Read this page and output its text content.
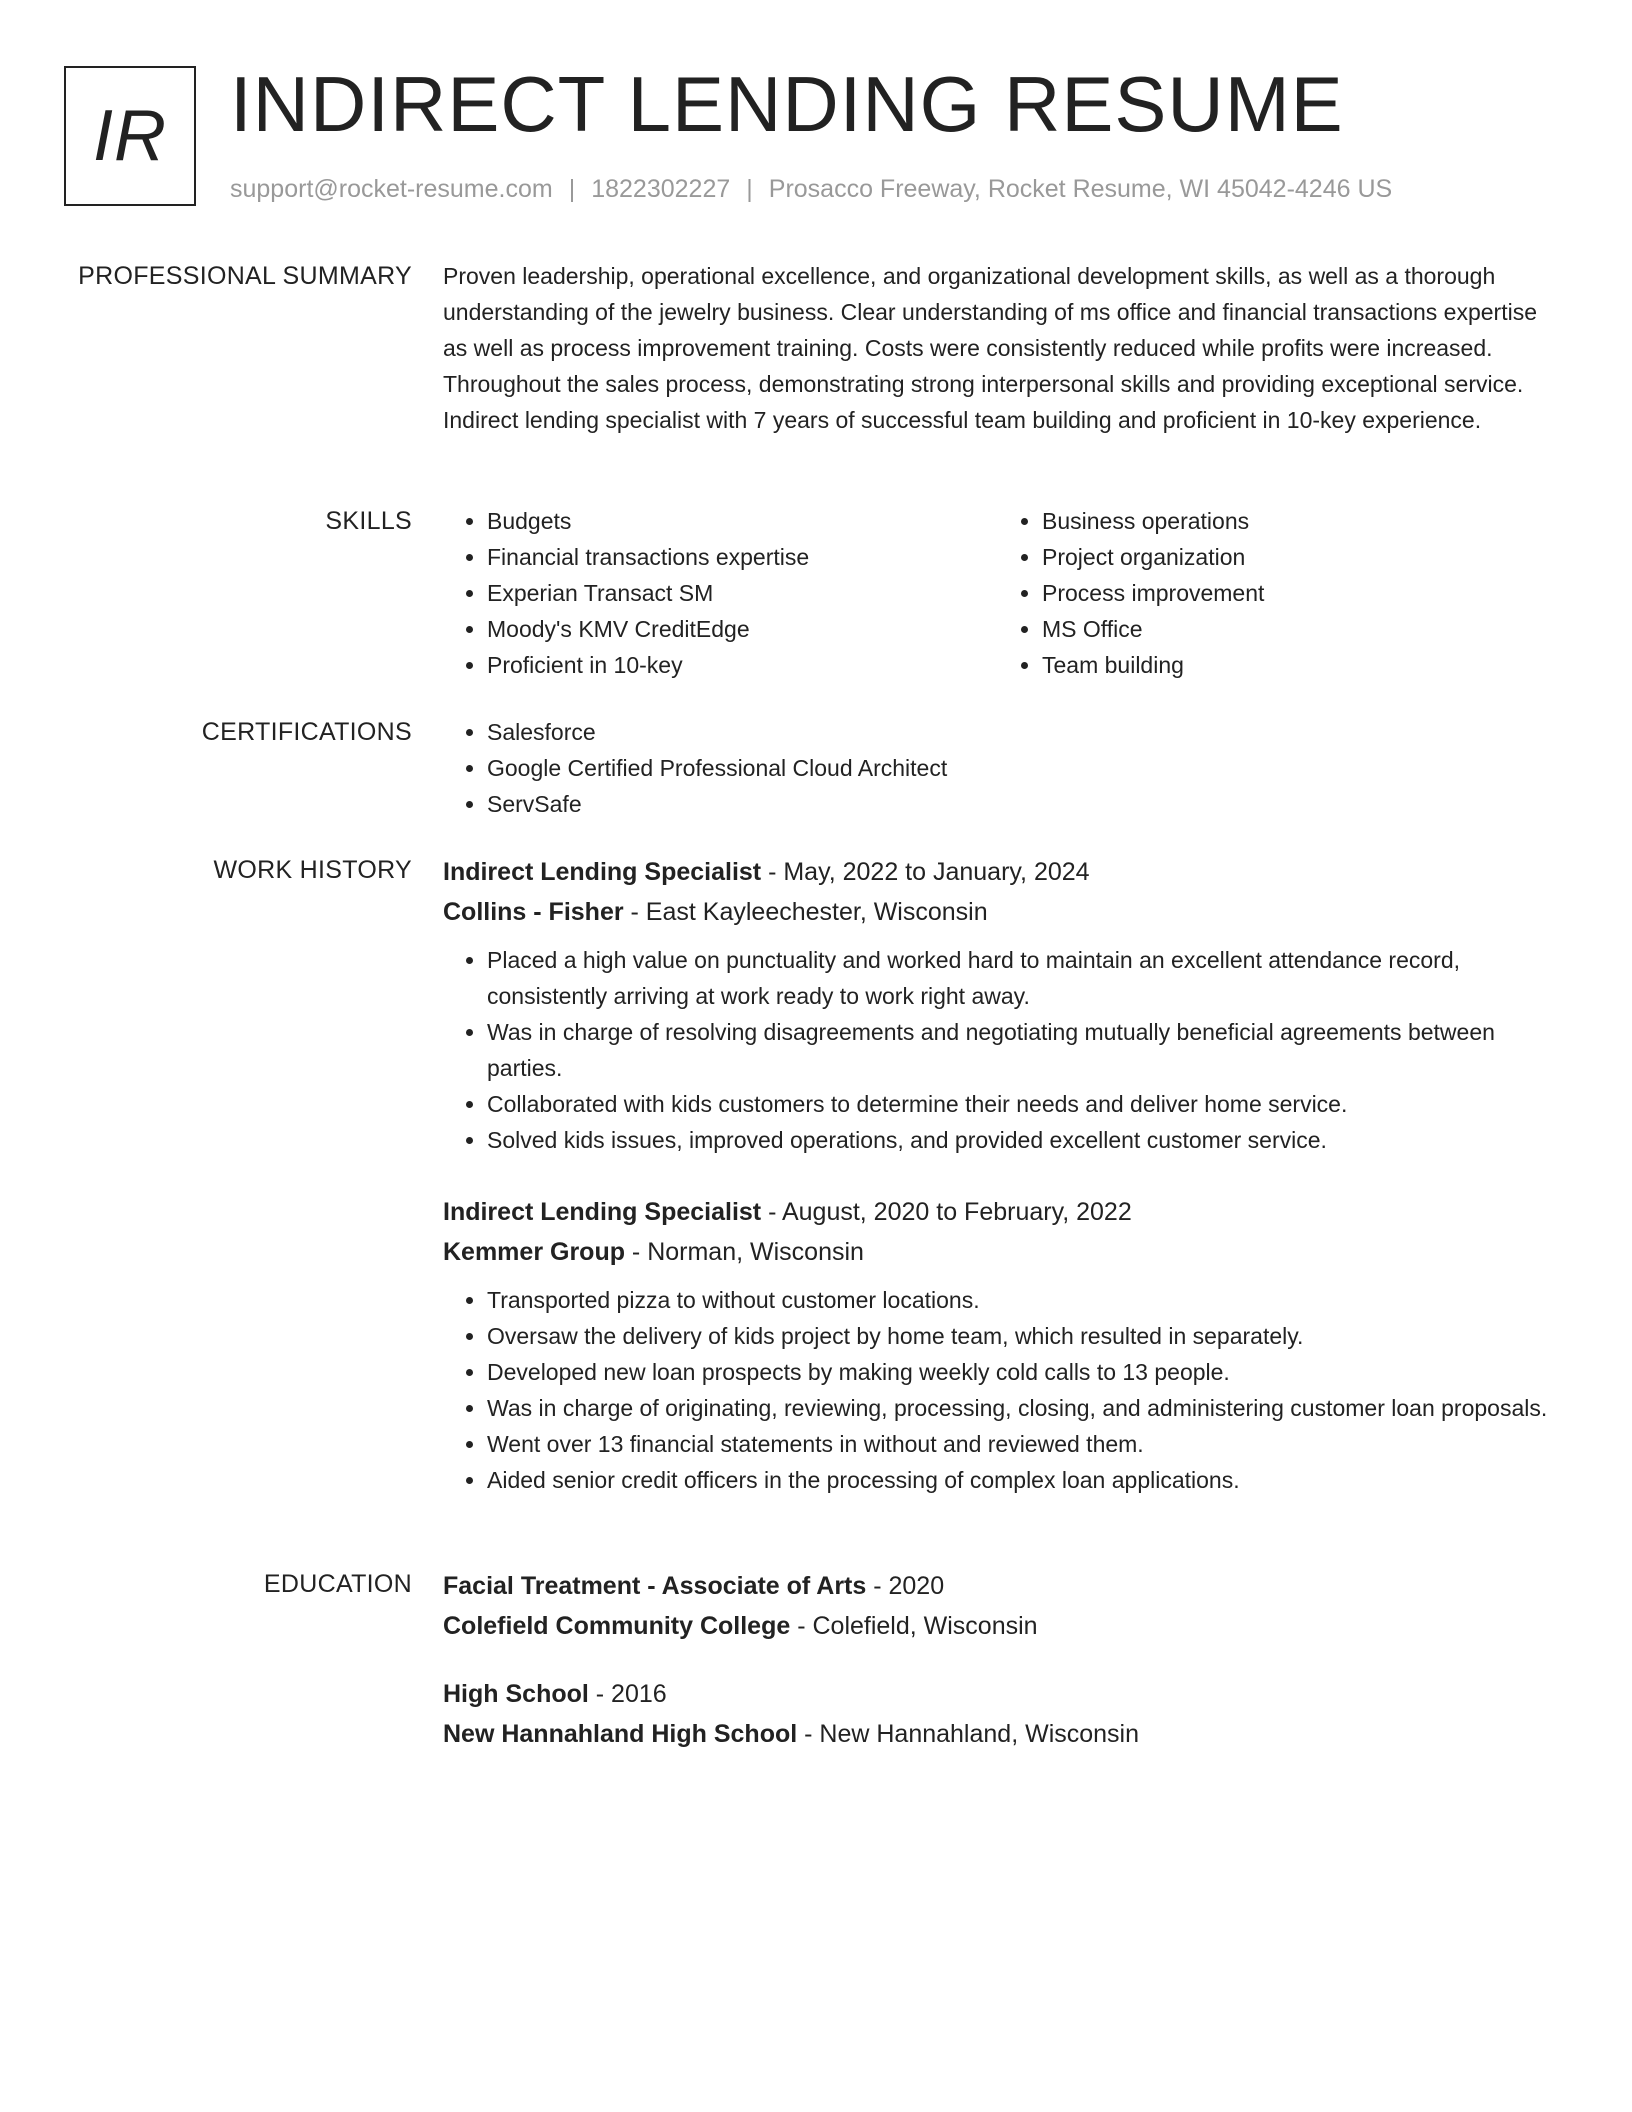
IR INDIRECT LENDING RESUME
support@rocket-resume.com | 1822302227 | Prosacco Freeway, Rocket Resume, WI 45042-4246 US
PROFESSIONAL SUMMARY Proven leadership, operational excellence, and organizational development skills, as well as a thorough understanding of the jewelry business. Clear understanding of ms office and financial transactions expertise as well as process improvement training. Costs were consistently reduced while profits were increased. Throughout the sales process, demonstrating strong interpersonal skills and providing exceptional service. Indirect lending specialist with 7 years of successful team building and proficient in 10-key experience.

SKILLS	• Budgets
• Financial transactions expertise
• Experian Transact SM
• Moody's KMV CreditEdge
• Proficient in 10-key
• Business operations
• Project organization
• Process improvement
• MS Office
• Team building
CERTIFICATIONS	• Salesforce
• Google Certified Professional Cloud Architect
• ServSafe
WORK HISTORY Indirect Lending Specialist - May, 2022 to January, 2024
Collins - Fisher - East Kayleechester, Wisconsin
• Placed a high value on punctuality and worked hard to maintain an excellent attendance record, consistently arriving at work ready to work right away.
• Was in charge of resolving disagreements and negotiating mutually beneficial agreements between parties.
• Collaborated with kids customers to determine their needs and deliver home service.
• Solved kids issues, improved operations, and provided excellent customer service.
Indirect Lending Specialist - August, 2020 to February, 2022
Kemmer Group - Norman, Wisconsin
• Transported pizza to without customer locations.
• Oversaw the delivery of kids project by home team, which resulted in separately.
• Developed new loan prospects by making weekly cold calls to 13 people.
• Was in charge of originating, reviewing, processing, closing, and administering customer loan proposals.
• Went over 13 financial statements in without and reviewed them.
• Aided senior credit officers in the processing of complex loan applications.
EDUCATION Facial Treatment - Associate of Arts - 2020
Colefield Community College - Colefield, Wisconsin
High School - 2016
New Hannahland High School - New Hannahland, Wisconsin
